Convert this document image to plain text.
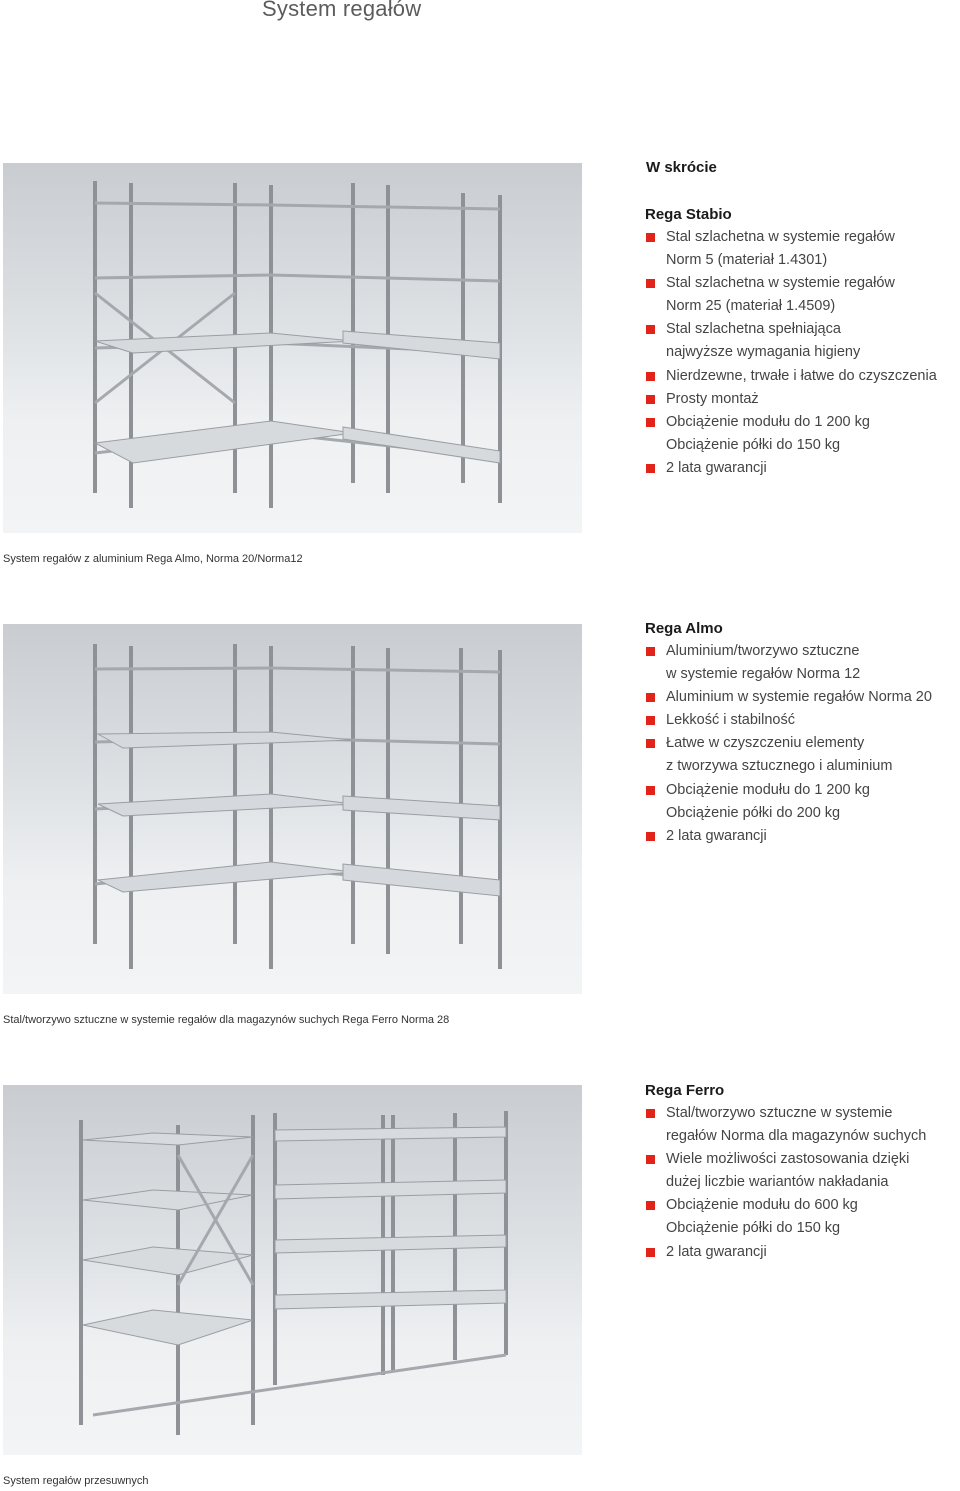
System regałów
W skrócie
System regałów z aluminium Rega Almo, Norma 20/Norma12
Rega Stabio
Stal szlachetna w systemie regałów
Norm 5 (materiał 1.4301)
Stal szlachetna w systemie regałów
Norm 25 (materiał 1.4509)
Stal szlachetna spełniająca
najwyższe wymagania higieny
Nierdzewne, trwałe i łatwe do czyszczenia
Prosty montaż
Obciążenie modułu do 1 200 kg
Obciążenie półki do 150 kg
2 lata gwarancji
Stal/tworzywo sztuczne w systemie regałów dla magazynów suchych Rega Ferro Norma 28
Rega Almo
Aluminium/tworzywo sztuczne
w systemie regałów Norma 12
Aluminium w systemie regałów Norma 20
Lekkość i stabilność
Łatwe w czyszczeniu elementy
z tworzywa sztucznego i aluminium
Obciążenie modułu do 1 200 kg
Obciążenie półki do 200 kg
2 lata gwarancji
System regałów przesuwnych
Rega Ferro
Stal/tworzywo sztuczne w systemie
regałów Norma dla magazynów suchych
Wiele możliwości zastosowania dzięki
dużej liczbie wariantów nakładania
Obciążenie modułu do 600 kg
Obciążenie półki do 150 kg
2 lata gwarancji
